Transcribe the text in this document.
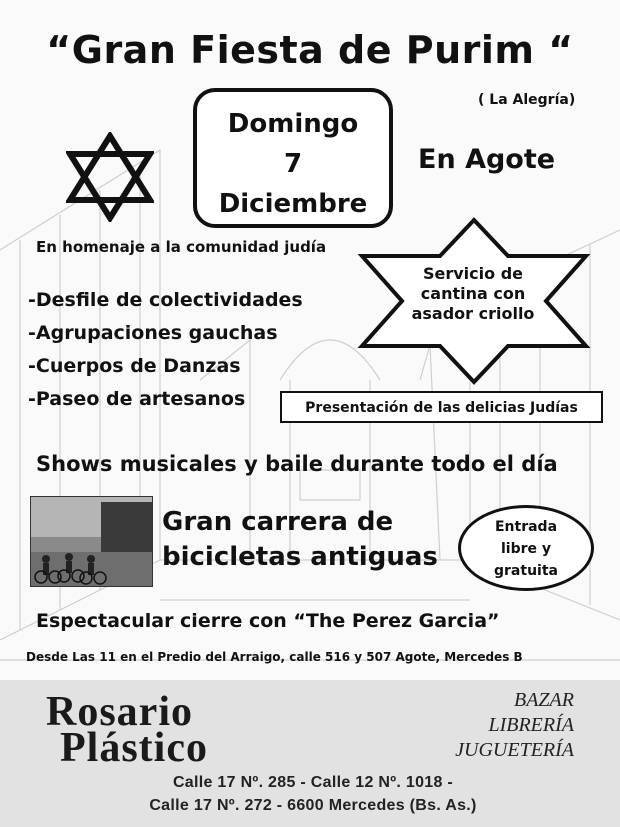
“Gran Fiesta de Purim “
( La Alegría)
Domingo
7
Diciembre
En Agote
En homenaje a la comunidad judía
-Desfile de colectividades
-Agrupaciones gauchas
-Cuerpos de Danzas
-Paseo de artesanos
Servicio de
cantina con
asador criollo
Presentación de las delicias Judías
Shows musicales y baile durante todo el día
Gran carrera de
bicicletas antiguas
Entrada
libre y
gratuita
Espectacular cierre con “The Perez Garcia”
Desde Las 11 en el Predio del Arraigo, calle 516 y 507 Agote, Mercedes B
Rosario
Plástico
BAZAR
LIBRERÍA
JUGUETERÍA
Calle 17 Nº. 285 - Calle 12 Nº. 1018 -
Calle 17 Nº. 272 - 6600 Mercedes (Bs. As.)
